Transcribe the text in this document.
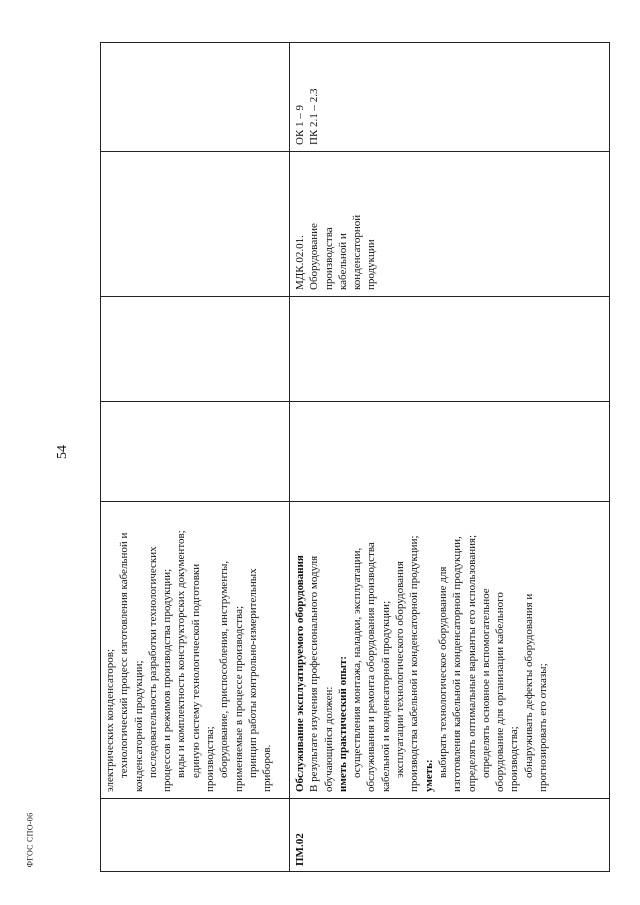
54
ФГОС СПО-06
электрических конденсаторов; технологический процесс изготовления кабельной и конденсаторной продукции; последовательность разработки технологических процессов и режимов производства продукции; виды и комплектность конструкторских документов; единую систему технологической подготовки производства; оборудование, приспособления, инструменты, применяемые в процессе производства; принцип работы контрольно-измерительных приборов.
ПМ.02
Обслуживание эксплуатируемого оборудования В результате изучения профессионального модуля обучающийся должен: иметь практический опыт: осуществления монтажа, наладки, эксплуатации, обслуживания и ремонта оборудования производства кабельной и конденсаторной продукции; эксплуатации технологического оборудования производства кабельной и конденсаторной продукции; уметь: выбирать технологическое оборудование для изготовления кабельной и конденсаторной продукции, определять оптимальные варианты его использования; определять основное и вспомогательное оборудование для организации кабельного производства; обнаруживать дефекты оборудования и прогнозировать его отказы;
МДК.02.01. Оборудование производства кабельной и конденсаторной продукции
ОК 1 – 9 ПК 2.1 – 2.3
